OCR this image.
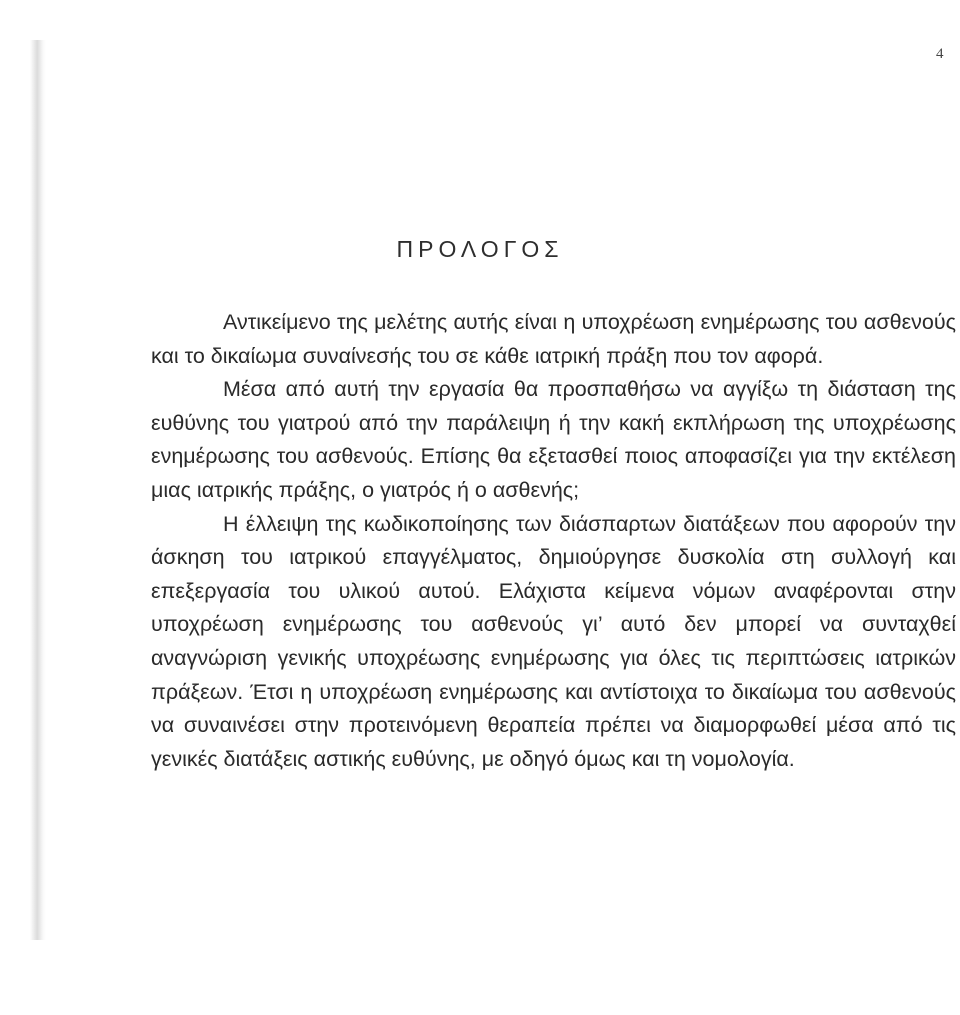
4
ΠΡΟΛΟΓΟΣ

Αντικείμενο της μελέτης αυτής είναι η υποχρέωση ενημέρωσης του ασθενούς και το δικαίωμα συναίνεσής του σε κάθε ιατρική πράξη που τον αφορά.

Μέσα από αυτή την εργασία θα προσπαθήσω να αγγίξω τη διάσταση της ευθύνης του γιατρού από την παράλειψη ή την κακή εκπλήρωση της υποχρέωσης ενημέρωσης του ασθενούς. Επίσης θα εξετασθεί ποιος αποφασίζει για την εκτέλεση μιας ιατρικής πράξης, ο γιατρός ή ο ασθενής;

Η έλλειψη της κωδικοποίησης των διάσπαρτων διατάξεων που αφορούν την άσκηση του ιατρικού επαγγέλματος, δημιούργησε δυσκολία στη συλλογή και επεξεργασία του υλικού αυτού. Ελάχιστα κείμενα νόμων αναφέρονται στην υποχρέωση ενημέρωσης του ασθενούς γι’ αυτό δεν μπορεί να συνταχθεί αναγνώριση γενικής υποχρέωσης ενημέρωσης για όλες τις περιπτώσεις ιατρικών πράξεων. Έτσι η υποχρέωση ενημέρωσης και αντίστοιχα το δικαίωμα του ασθενούς να συναινέσει στην προτεινόμενη θεραπεία πρέπει να διαμορφωθεί μέσα από τις γενικές διατάξεις αστικής ευθύνης, με οδηγό όμως και τη νομολογία.
